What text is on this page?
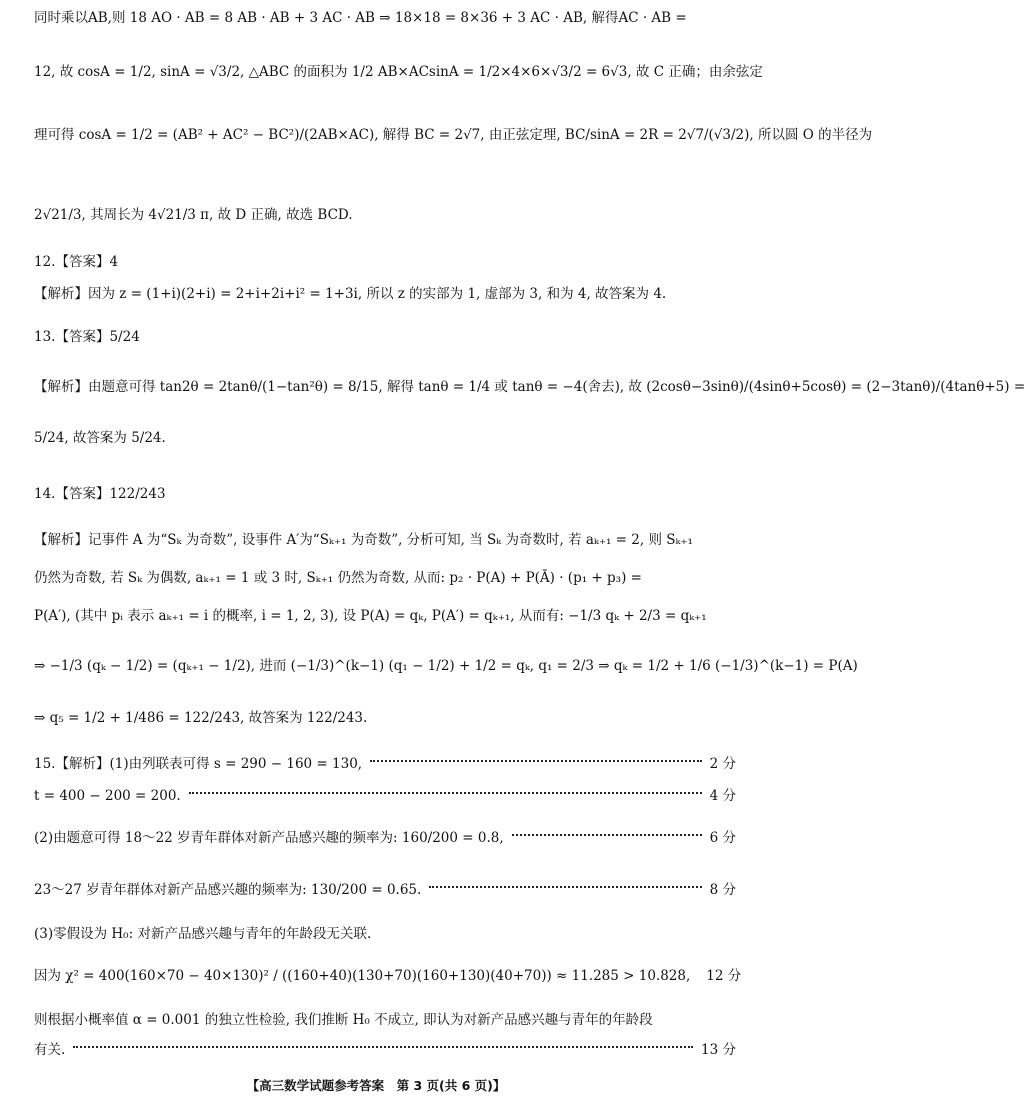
同时乘以AB,则 18 AO · AB = 8 AB · AB + 3 AC · AB ⇒ 18×18 = 8×36 + 3 AC · AB, 解得AC · AB =
12, 故 cosA = 1/2, sinA = √3/2, △ABC 的面积为 1/2 AB×ACsinA = 1/2×4×6×√3/2 = 6√3, 故 C 正确；由余弦定
理可得 cosA = 1/2 = (AB² + AC² − BC²)/(2AB×AC), 解得 BC = 2√7, 由正弦定理, BC/sinA = 2R = 2√7/(√3/2), 所以圆 O 的半径为
2√21/3, 其周长为 4√21/3 π, 故 D 正确, 故选 BCD.
12.【答案】4
【解析】因为 z = (1+i)(2+i) = 2+i+2i+i² = 1+3i, 所以 z 的实部为 1, 虚部为 3, 和为 4, 故答案为 4.
13.【答案】5/24
【解析】由题意可得 tan2θ = 2tanθ/(1−tan²θ) = 8/15, 解得 tanθ = 1/4 或 tanθ = −4(舍去), 故 (2cosθ−3sinθ)/(4sinθ+5cosθ) = (2−3tanθ)/(4tanθ+5) =
5/24, 故答案为 5/24.
14.【答案】122/243
【解析】记事件 A 为“Sₖ 为奇数”, 设事件 A′为“Sₖ₊₁ 为奇数”, 分析可知, 当 Sₖ 为奇数时, 若 aₖ₊₁ = 2, 则 Sₖ₊₁
仍然为奇数, 若 Sₖ 为偶数, aₖ₊₁ = 1 或 3 时, Sₖ₊₁ 仍然为奇数, 从而: p₂ · P(A) + P(Ā) · (p₁ + p₃) =
P(A′), (其中 pᵢ 表示 aₖ₊₁ = i 的概率, i = 1, 2, 3), 设 P(A) = qₖ, P(A′) = qₖ₊₁, 从而有: −1/3 qₖ + 2/3 = qₖ₊₁
⇒ −1/3 (qₖ − 1/2) = (qₖ₊₁ − 1/2), 进而 (−1/3)^(k−1) (q₁ − 1/2) + 1/2 = qₖ, q₁ = 2/3 ⇒ qₖ = 1/2 + 1/6 (−1/3)^(k−1) = P(A)
⇒ q₅ = 1/2 + 1/486 = 122/243, 故答案为 122/243.
15.【解析】(1)由列联表可得 s = 290 − 160 = 130,	2 分
t = 400 − 200 = 200.	4 分
(2)由题意可得 18～22 岁青年群体对新产品感兴趣的频率为: 160/200 = 0.8,	6 分
23～27 岁青年群体对新产品感兴趣的频率为: 130/200 = 0.65.	8 分
(3)零假设为 H₀: 对新产品感兴趣与青年的年龄段无关联.
因为 χ² = 400(160×70 − 40×130)² / ((160+40)(130+70)(160+130)(40+70)) ≈ 11.285 > 10.828, 12 分
则根据小概率值 α = 0.001 的独立性检验, 我们推断 H₀ 不成立, 即认为对新产品感兴趣与青年的年龄段
有关.	13 分
【高三数学试题参考答案　第 3 页(共 6 页)】
